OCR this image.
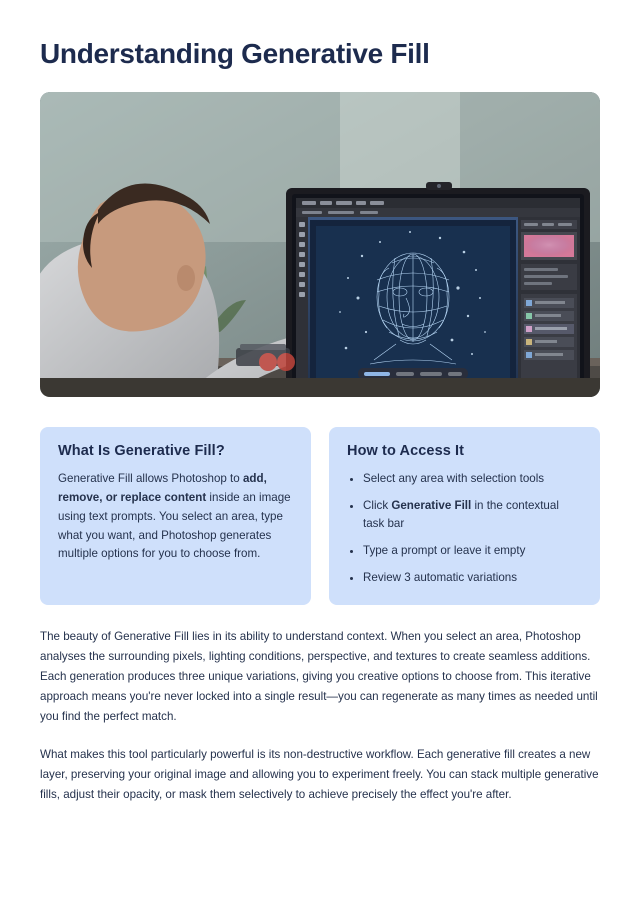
Understanding Generative Fill
What Is Generative Fill?
Generative Fill allows Photoshop to add, remove, or replace content inside an image using text prompts. You select an area, type what you want, and Photoshop generates multiple options for you to choose from.
How to Access It
• Select any area with selection tools
• Click Generative Fill in the contextual task bar
• Type a prompt or leave it empty
• Review 3 automatic variations

The beauty of Generative Fill lies in its ability to understand context. When you select an area, Photoshop analyses the surrounding pixels, lighting conditions, perspective, and textures to create seamless additions. Each generation produces three unique variations, giving you creative options to choose from. This iterative approach means you're never locked into a single result—you can regenerate as many times as needed until you find the perfect match.

What makes this tool particularly powerful is its non-destructive workflow. Each generative fill creates a new layer, preserving your original image and allowing you to experiment freely. You can stack multiple generative fills, adjust their opacity, or mask them selectively to achieve precisely the effect you're after.
